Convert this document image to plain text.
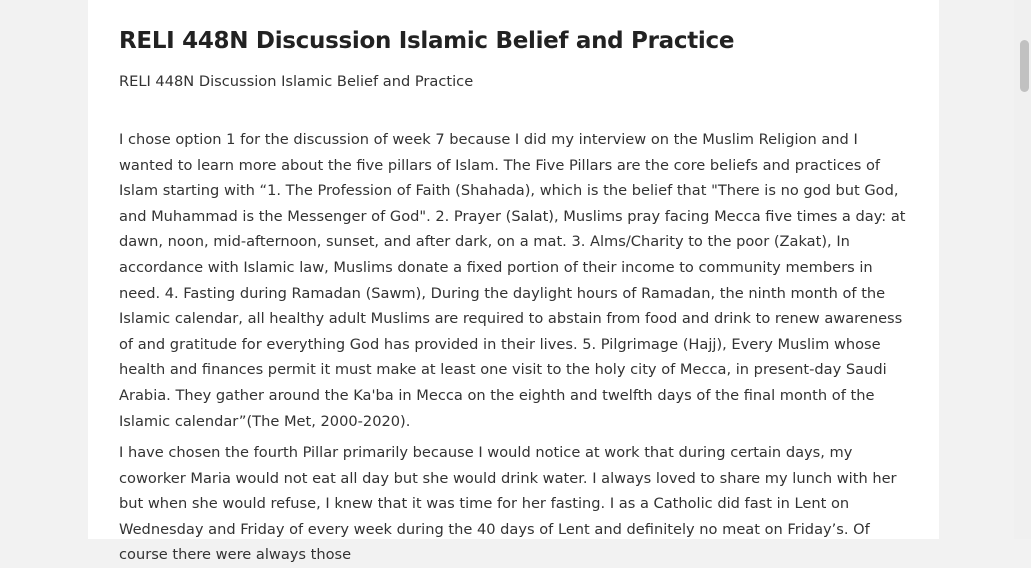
RELI 448N Discussion Islamic Belief and Practice

RELI 448N Discussion Islamic Belief and Practice

I chose option 1 for the discussion of week 7 because I did my interview on the Muslim Religion and I wanted to learn more about the five pillars of Islam. The Five Pillars are the core beliefs and practices of Islam starting with “1. The Profession of Faith (Shahada), which is the belief that "There is no god but God, and Muhammad is the Messenger of God". 2. Prayer (Salat), Muslims pray facing Mecca five times a day: at dawn, noon, mid-afternoon, sunset, and after dark, on a mat. 3. Alms/Charity to the poor (Zakat), In accordance with Islamic law, Muslims donate a fixed portion of their income to community members in need. 4. Fasting during Ramadan (Sawm), During the daylight hours of Ramadan, the ninth month of the Islamic calendar, all healthy adult Muslims are required to abstain from food and drink to renew awareness of and gratitude for everything God has provided in their lives. 5. Pilgrimage (Hajj), Every Muslim whose health and finances permit it must make at least one visit to the holy city of Mecca, in present-day Saudi Arabia. They gather around the Ka'ba in Mecca on the eighth and twelfth days of the final month of the Islamic calendar”(The Met, 2000-2020).

I have chosen the fourth Pillar primarily because I would notice at work that during certain days, my coworker Maria would not eat all day but she would drink water. I always loved to share my lunch with her but when she would refuse, I knew that it was time for her fasting. I as a Catholic did fast in Lent on Wednesday and Friday of every week during the 40 days of Lent and definitely no meat on Friday’s. Of course there were always those
